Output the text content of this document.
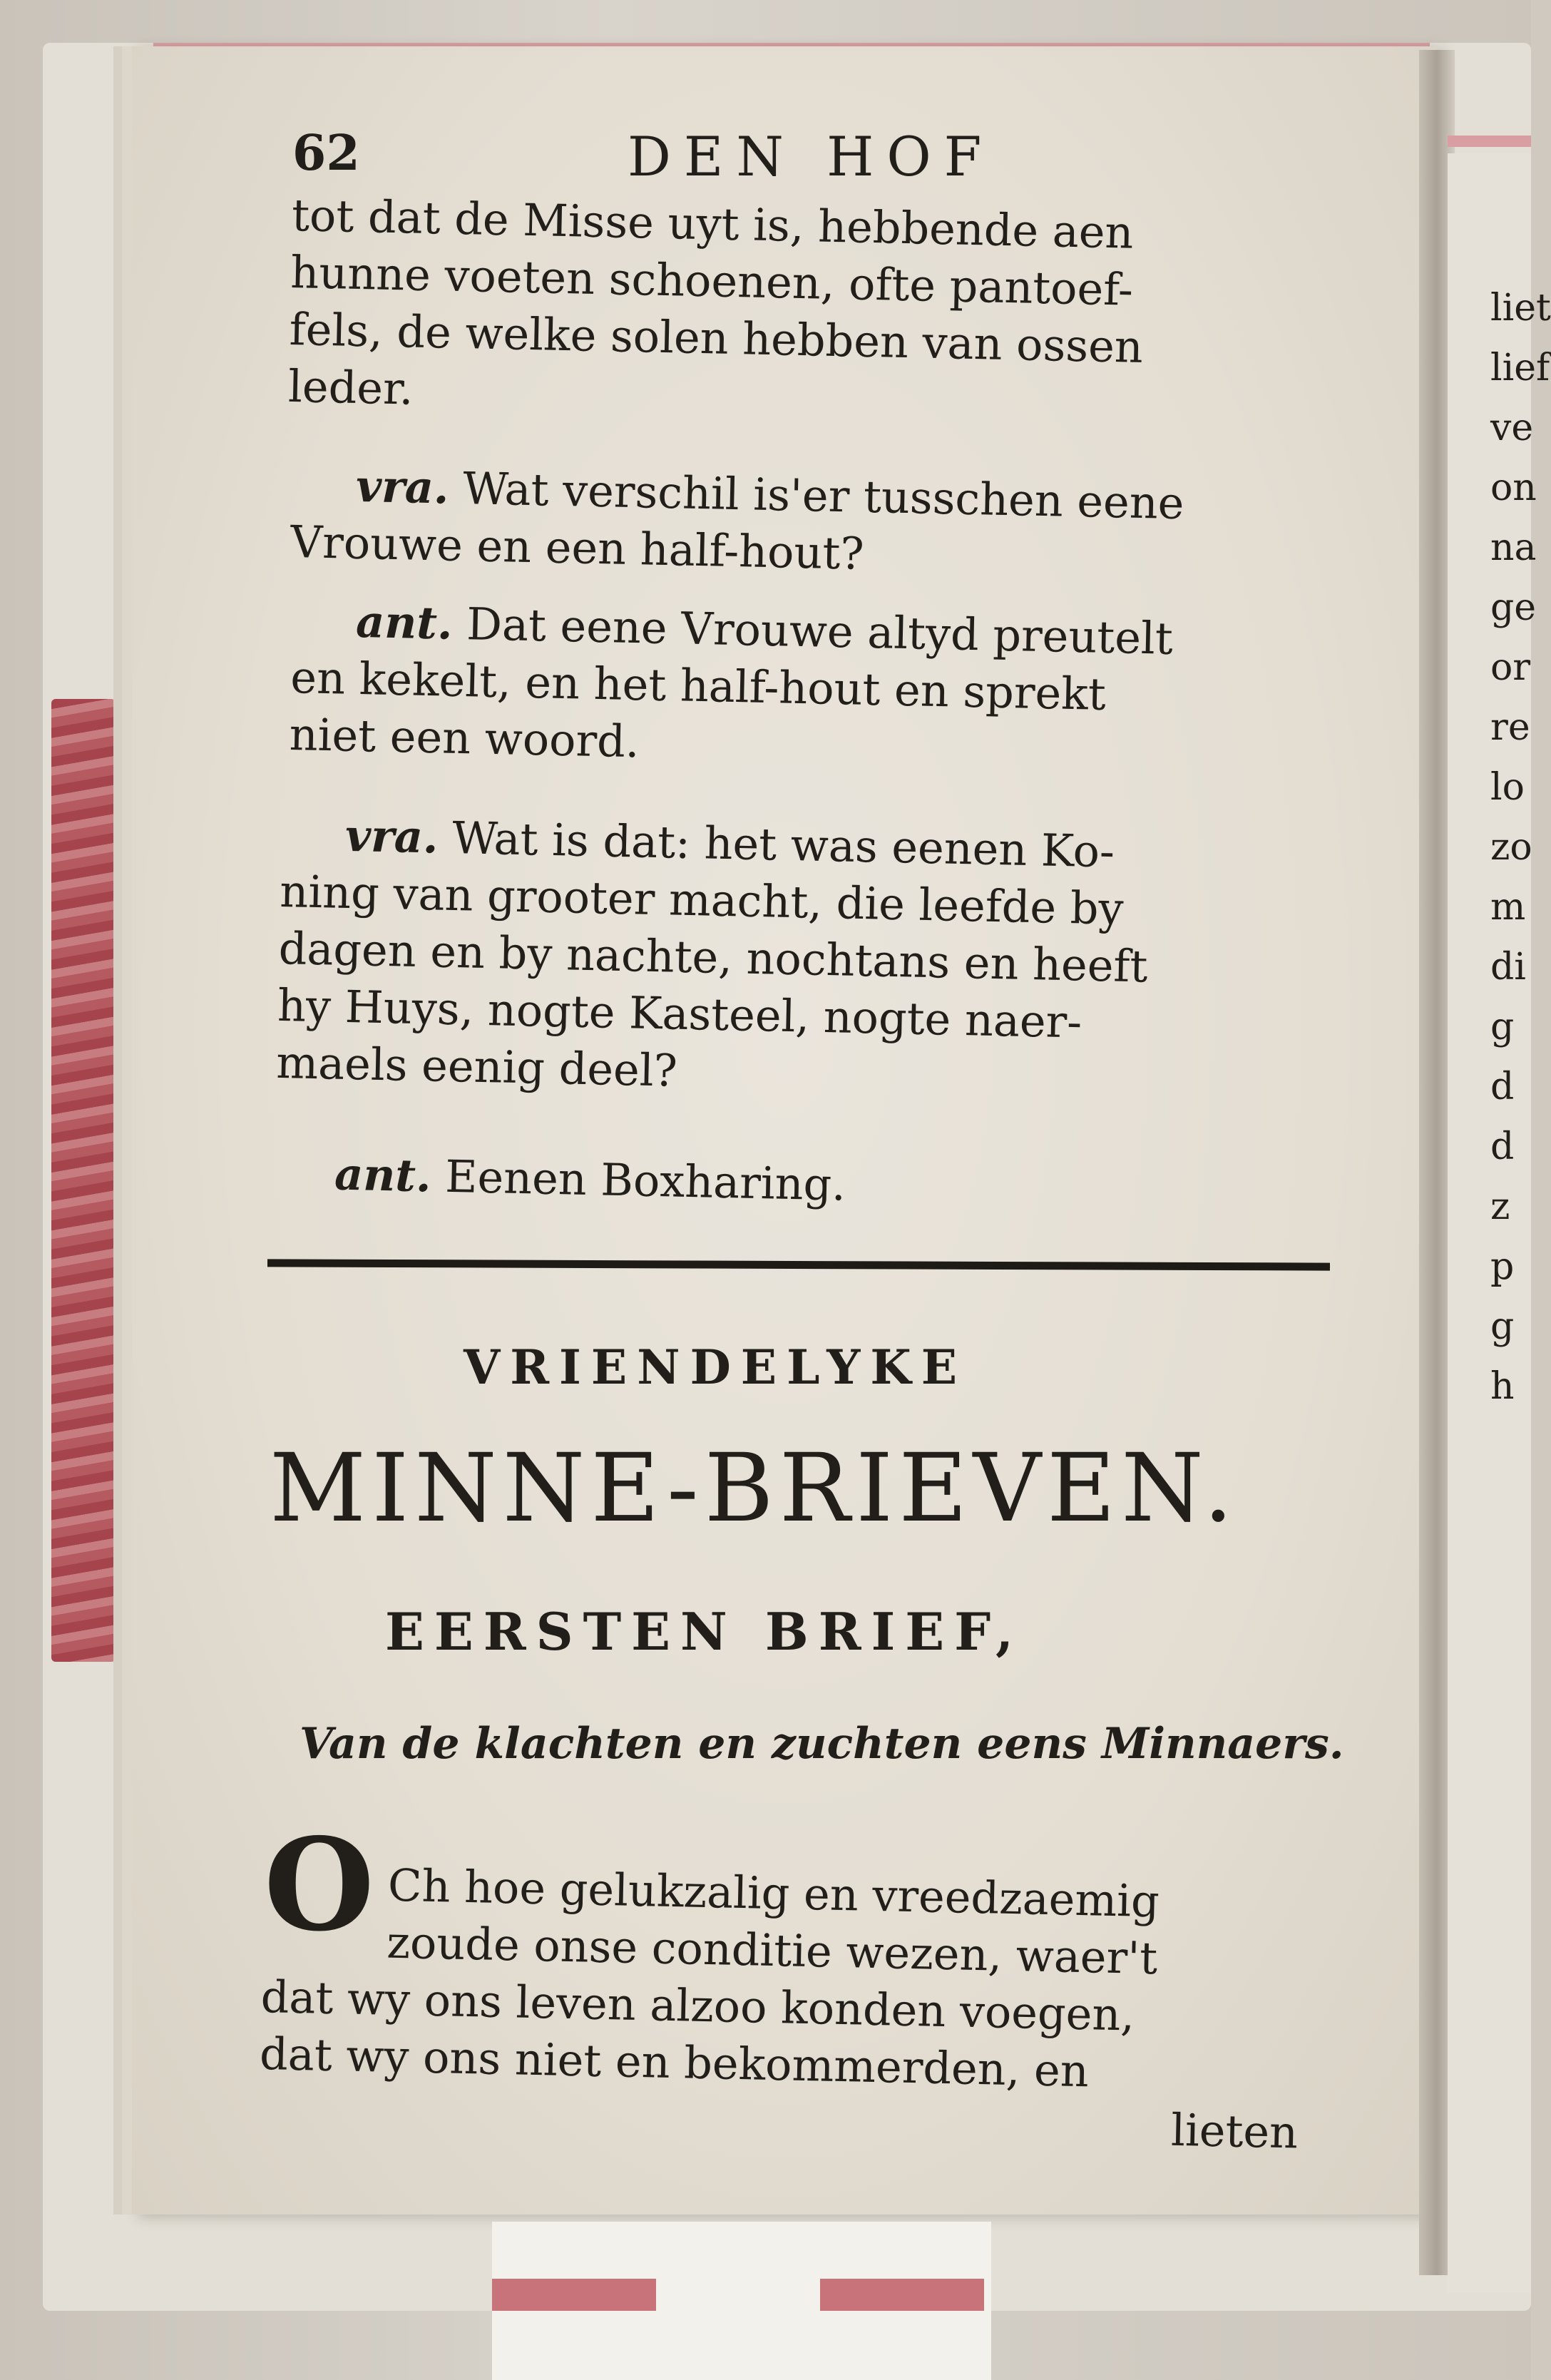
liet
lief
ve
on
na
ge
or
re
lo
zo
m
di
g
d
d
z
p
g
h
62	DEN HOF
tot dat de Misse uyt is, hebbende aen
hunne voeten schoenen, ofte pantoef-
fels, de welke solen hebben van ossen
leder.
vra. Wat verschil is'er tusschen eene
Vrouwe en een half-hout?
ant. Dat eene Vrouwe altyd preutelt
en kekelt, en het half-hout en sprekt
niet een woord.
vra. Wat is dat: het was eenen Ko-
ning van grooter macht, die leefde by
dagen en by nachte, nochtans en heeft
hy Huys, nogte Kasteel, nogte naer-
maels eenig deel?
ant. Eenen Boxharing.
VRIENDELYKE
MINNE-BRIEVEN.
EERSTEN BRIEF,
Van de klachten en zuchten eens Minnaers.
O Ch hoe gelukzalig en vreedzaemig
zoude onse conditie wezen, waer't
dat wy ons leven alzoo konden voegen,
dat wy ons niet en bekommerden, en
lieten
